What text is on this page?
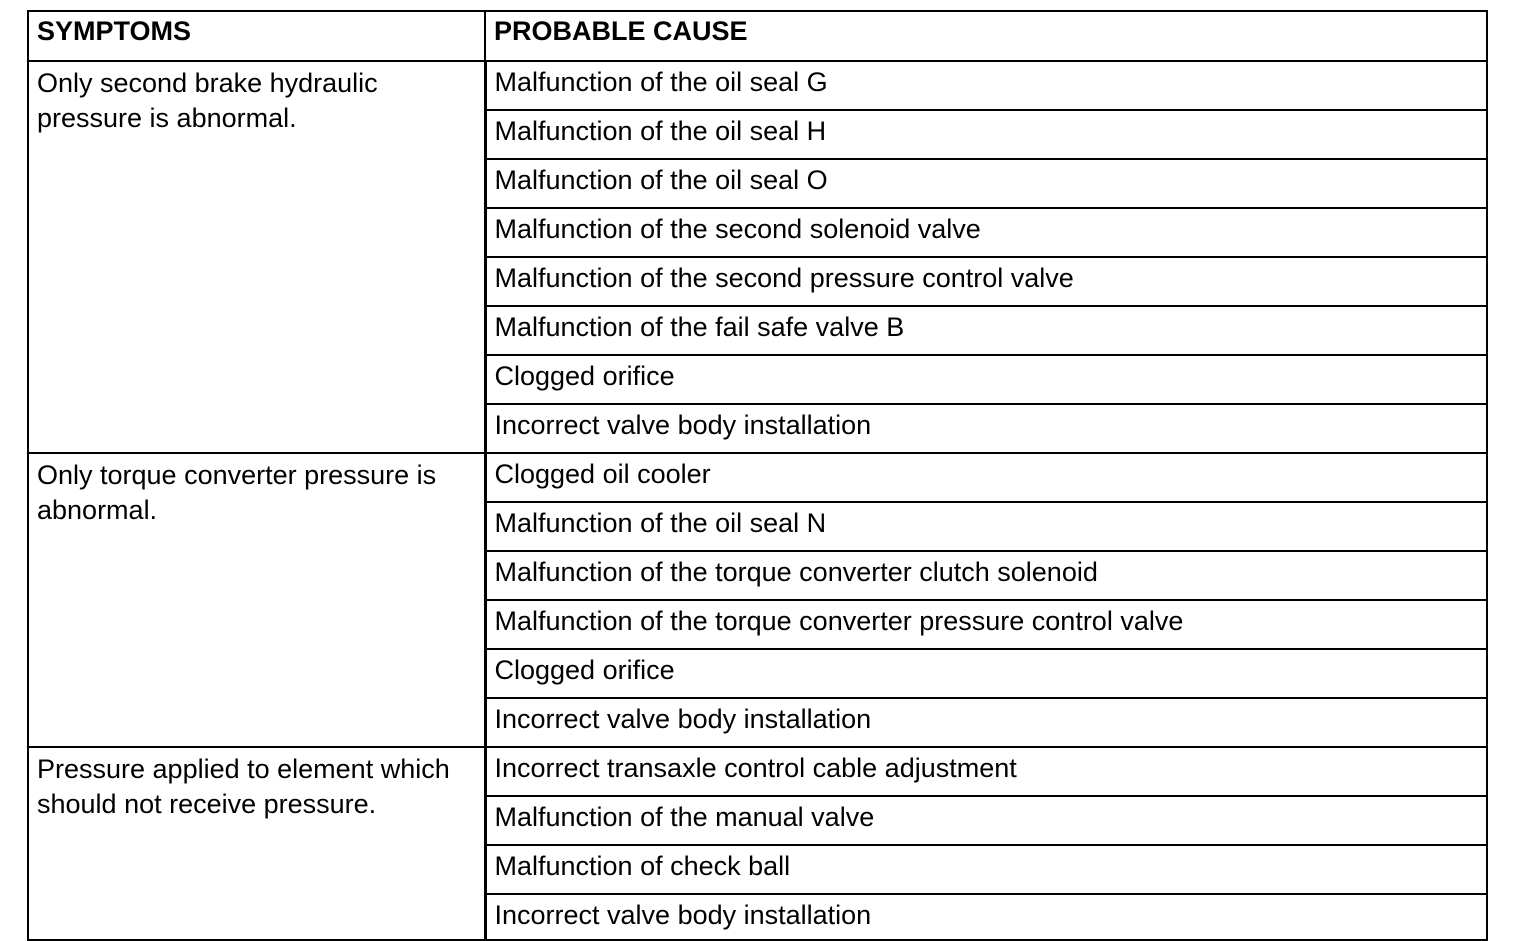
SYMPTOMS	PROBABLE CAUSE
Only second brake hydraulic pressure is abnormal.	Malfunction of the oil seal G
	Malfunction of the oil seal H
	Malfunction of the oil seal O
	Malfunction of the second solenoid valve
	Malfunction of the second pressure control valve
	Malfunction of the fail safe valve B
	Clogged orifice
	Incorrect valve body installation
Only torque converter pressure is abnormal.	Clogged oil cooler
	Malfunction of the oil seal N
	Malfunction of the torque converter clutch solenoid
	Malfunction of the torque converter pressure control valve
	Clogged orifice
	Incorrect valve body installation
Pressure applied to element which should not receive pressure.	Incorrect transaxle control cable adjustment
	Malfunction of the manual valve
	Malfunction of check ball
	Incorrect valve body installation
